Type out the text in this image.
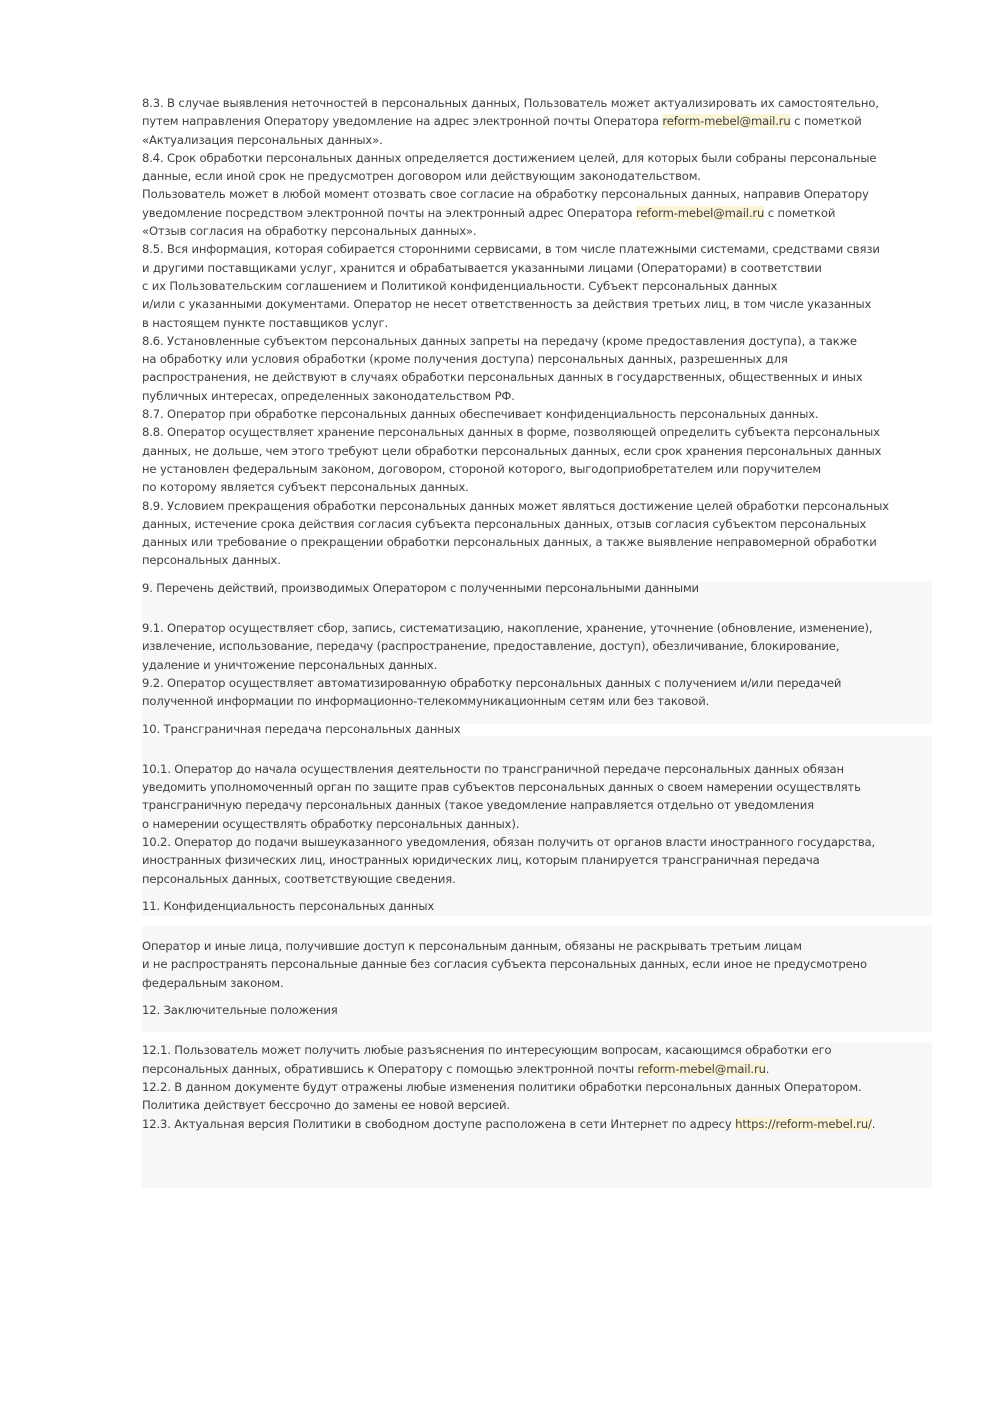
8.3. В случае выявления неточностей в персональных данных, Пользователь может актуализировать их самостоятельно,
путем направления Оператору уведомление на адрес электронной почты Оператора reform-mebel@mail.ru с пометкой
«Актуализация персональных данных».
8.4. Срок обработки персональных данных определяется достижением целей, для которых были собраны персональные
данные, если иной срок не предусмотрен договором или действующим законодательством.
Пользователь может в любой момент отозвать свое согласие на обработку персональных данных, направив Оператору
уведомление посредством электронной почты на электронный адрес Оператора reform-mebel@mail.ru с пометкой
«Отзыв согласия на обработку персональных данных».
8.5. Вся информация, которая собирается сторонними сервисами, в том числе платежными системами, средствами связи
и другими поставщиками услуг, хранится и обрабатывается указанными лицами (Операторами) в соответствии
с их Пользовательским соглашением и Политикой конфиденциальности. Субъект персональных данных
и/или с указанными документами. Оператор не несет ответственность за действия третьих лиц, в том числе указанных
в настоящем пункте поставщиков услуг.
8.6. Установленные субъектом персональных данных запреты на передачу (кроме предоставления доступа), а также
на обработку или условия обработки (кроме получения доступа) персональных данных, разрешенных для
распространения, не действуют в случаях обработки персональных данных в государственных, общественных и иных
публичных интересах, определенных законодательством РФ.
8.7. Оператор при обработке персональных данных обеспечивает конфиденциальность персональных данных.
8.8. Оператор осуществляет хранение персональных данных в форме, позволяющей определить субъекта персональных
данных, не дольше, чем этого требуют цели обработки персональных данных, если срок хранения персональных данных
не установлен федеральным законом, договором, стороной которого, выгодоприобретателем или поручителем
по которому является субъект персональных данных.
8.9. Условием прекращения обработки персональных данных может являться достижение целей обработки персональных
данных, истечение срока действия согласия субъекта персональных данных, отзыв согласия субъектом персональных
данных или требование о прекращении обработки персональных данных, а также выявление неправомерной обработки
персональных данных.
9. Перечень действий, производимых Оператором с полученными персональными данными
9.1. Оператор осуществляет сбор, запись, систематизацию, накопление, хранение, уточнение (обновление, изменение),
извлечение, использование, передачу (распространение, предоставление, доступ), обезличивание, блокирование,
удаление и уничтожение персональных данных.
9.2. Оператор осуществляет автоматизированную обработку персональных данных с получением и/или передачей
полученной информации по информационно-телекоммуникационным сетям или без таковой.
10. Трансграничная передача персональных данных
10.1. Оператор до начала осуществления деятельности по трансграничной передаче персональных данных обязан
уведомить уполномоченный орган по защите прав субъектов персональных данных о своем намерении осуществлять
трансграничную передачу персональных данных (такое уведомление направляется отдельно от уведомления
о намерении осуществлять обработку персональных данных).
10.2. Оператор до подачи вышеуказанного уведомления, обязан получить от органов власти иностранного государства,
иностранных физических лиц, иностранных юридических лиц, которым планируется трансграничная передача
персональных данных, соответствующие сведения.
11. Конфиденциальность персональных данных
Оператор и иные лица, получившие доступ к персональным данным, обязаны не раскрывать третьим лицам
и не распространять персональные данные без согласия субъекта персональных данных, если иное не предусмотрено
федеральным законом.
12. Заключительные положения
12.1. Пользователь может получить любые разъяснения по интересующим вопросам, касающимся обработки его
персональных данных, обратившись к Оператору с помощью электронной почты reform-mebel@mail.ru.
12.2. В данном документе будут отражены любые изменения политики обработки персональных данных Оператором.
Политика действует бессрочно до замены ее новой версией.
12.3. Актуальная версия Политики в свободном доступе расположена в сети Интернет по адресу https://reform-mebel.ru/.
